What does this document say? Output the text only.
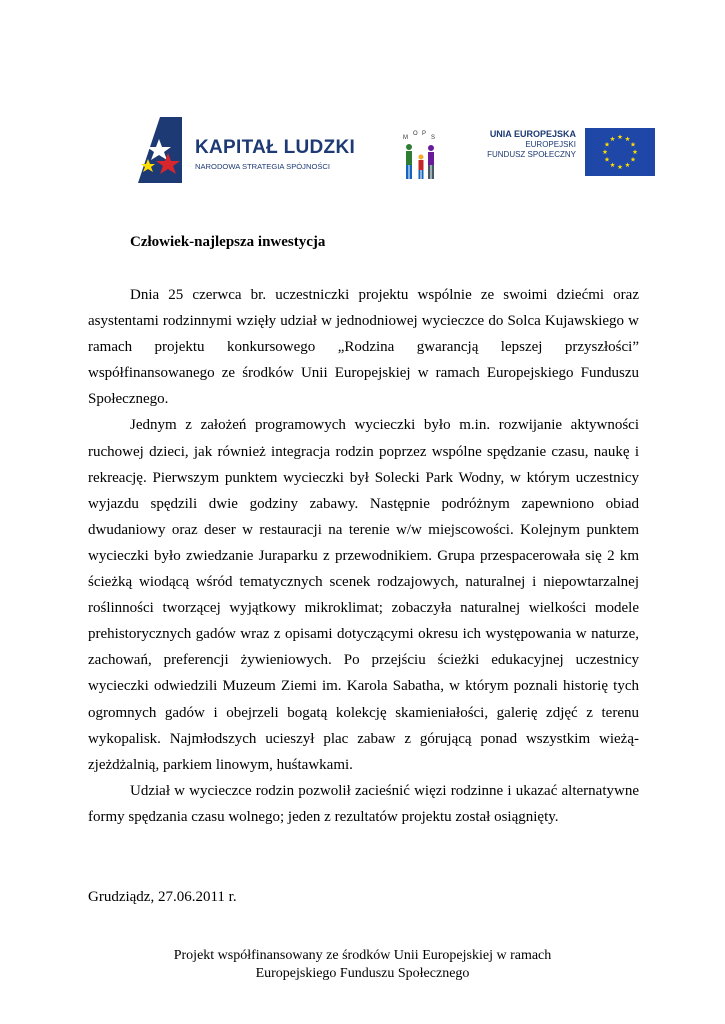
KAPITAŁ LUDZKI
NARODOWA STRATEGIA SPÓJNOŚCI
M
O P
S	UNIA EUROPEJSKA
EUROPEJSKI
FUNDUSZ SPOŁECZNY
Człowiek-najlepsza inwestycja

Dnia 25 czerwca br. uczestniczki projektu wspólnie ze swoimi dziećmi oraz asystentami rodzinnymi wzięły udział w jednodniowej wycieczce do Solca Kujawskiego w ramach projektu konkursowego „Rodzina gwarancją lepszej przyszłości” współfinansowanego ze środków Unii Europejskiej w ramach Europejskiego Funduszu Społecznego.

Jednym z założeń programowych wycieczki było m.in. rozwijanie aktywności ruchowej dzieci, jak również integracja rodzin poprzez wspólne spędzanie czasu, naukę i rekreację. Pierwszym punktem wycieczki był Solecki Park Wodny, w którym uczestnicy wyjazdu spędzili dwie godziny zabawy. Następnie podróżnym zapewniono obiad dwudaniowy oraz deser w restauracji na terenie w/w miejscowości. Kolejnym punktem wycieczki było zwiedzanie Juraparku z przewodnikiem. Grupa przespacerowała się 2 km ścieżką wiodącą wśród tematycznych scenek rodzajowych, naturalnej i niepowtarzalnej roślinności tworzącej wyjątkowy mikroklimat; zobaczyła naturalnej wielkości modele prehistorycznych gadów wraz z opisami dotyczącymi okresu ich występowania w naturze, zachowań, preferencji żywieniowych. Po przejściu ścieżki edukacyjnej uczestnicy wycieczki odwiedzili Muzeum Ziemi im. Karola Sabatha, w którym poznali historię tych ogromnych gadów i obejrzeli bogatą kolekcję skamieniałości, galerię zdjęć z terenu wykopalisk. Najmłodszych ucieszył plac zabaw z górującą ponad wszystkim wieżą- zjeżdżalnią, parkiem linowym, huśtawkami.

Udział w wycieczce rodzin pozwolił zacieśnić więzi rodzinne i ukazać alternatywne formy spędzania czasu wolnego; jeden z rezultatów projektu został osiągnięty.

Grudziądz, 27.06.2011 r.
Projekt współfinansowany ze środków Unii Europejskiej w ramach
Europejskiego Funduszu Społecznego
